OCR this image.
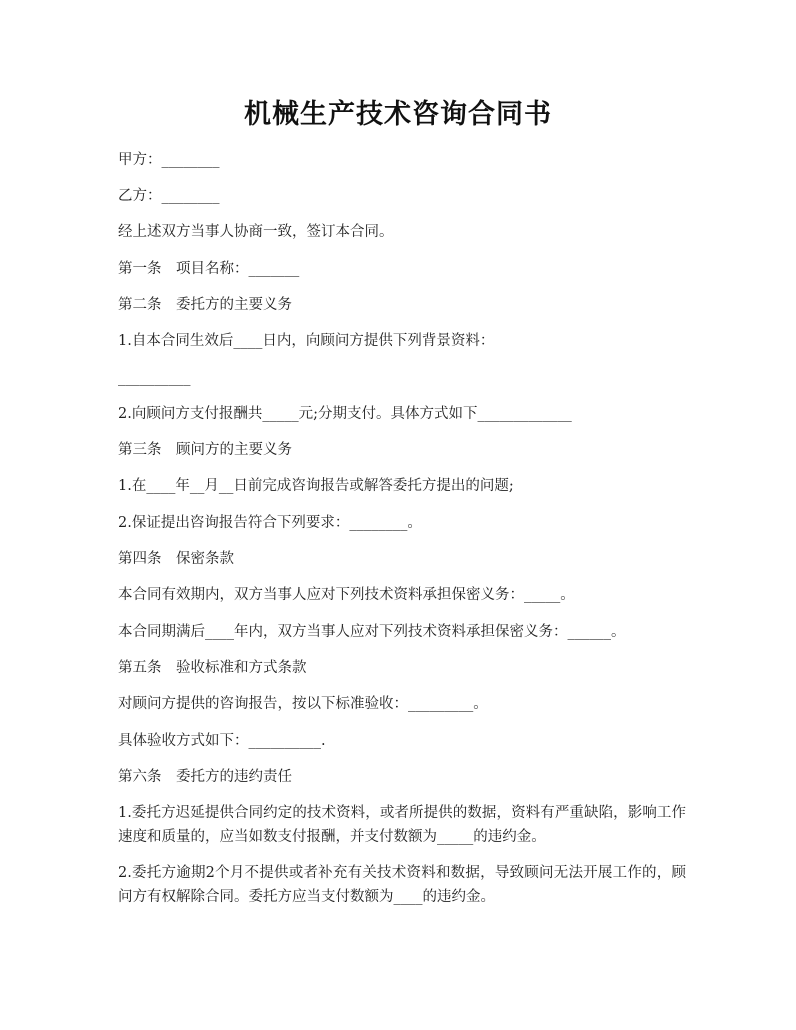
机械生产技术咨询合同书
甲方：________
乙方：________
经上述双方当事人协商一致，签订本合同。
第一条　项目名称：_______
第二条　委托方的主要义务
1.自本合同生效后____日内，向顾问方提供下列背景资料：
__________
2.向顾问方支付报酬共_____元;分期支付。具体方式如下_____________
第三条　顾问方的主要义务
1.在____年__月__日前完成咨询报告或解答委托方提出的问题;
2.保证提出咨询报告符合下列要求：________。
第四条　保密条款
本合同有效期内，双方当事人应对下列技术资料承担保密义务：_____。
本合同期满后____年内，双方当事人应对下列技术资料承担保密义务：______。
第五条　验收标准和方式条款
对顾问方提供的咨询报告，按以下标准验收：_________。
具体验收方式如下：__________.
第六条　委托方的违约责任
1.委托方迟延提供合同约定的技术资料，或者所提供的数据，资料有严重缺陷，影响工作速度和质量的，应当如数支付报酬，并支付数额为_____的违约金。
2.委托方逾期2个月不提供或者补充有关技术资料和数据，导致顾问无法开展工作的，顾问方有权解除合同。委托方应当支付数额为____的违约金。
